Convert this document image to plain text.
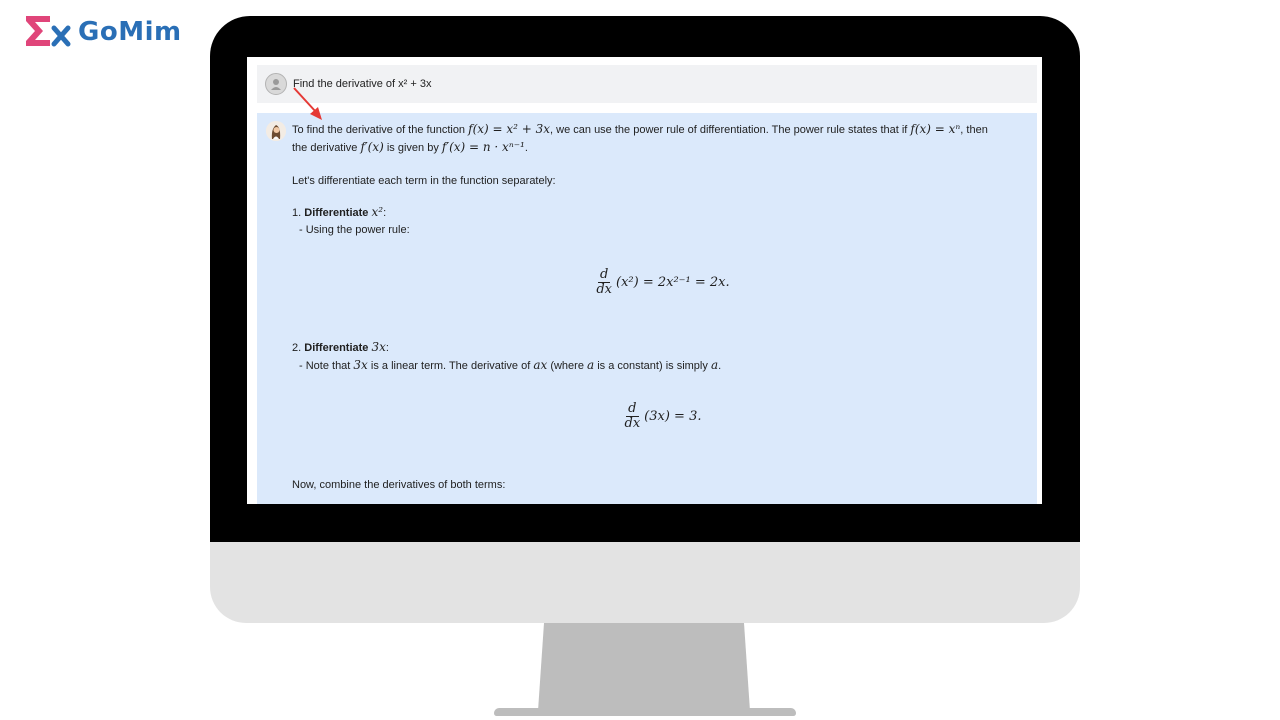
GoMim
Find the derivative of x² + 3x

To find the derivative of the function f(x) = x² + 3x, we can use the power rule of differentiation. The power rule states that if f(x) = xⁿ, then
the derivative f′(x) is given by f′(x) = n · xⁿ⁻¹.

Let's differentiate each term in the function separately:

1. Differentiate x²:

- Using the power rule:

$\frac{d}{dx} (x^2) = 2x^{2-1} = 2x$.

2. Differentiate 3x:

- Note that 3x is a linear term. The derivative of ax (where a is a constant) is simply a.

$\frac{d}{dx} (3x) = 3$.

Now, combine the derivatives of both terms:
